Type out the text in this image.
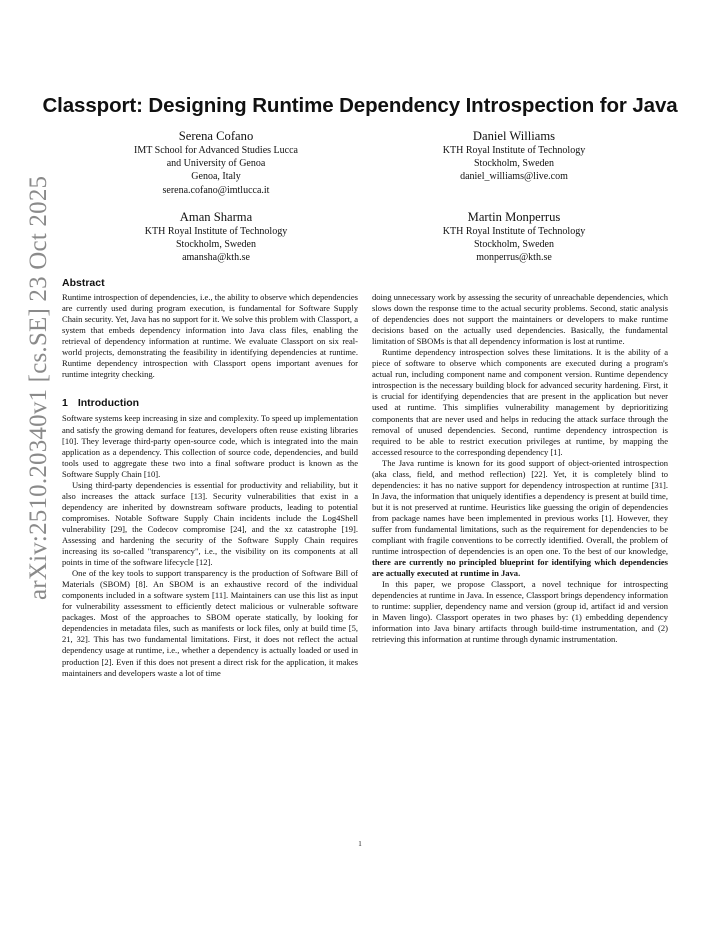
arXiv:2510.20340v1 [cs.SE] 23 Oct 2025
Classport: Designing Runtime Dependency Introspection for Java
Serena Cofano
IMT School for Advanced Studies Lucca
and University of Genoa
Genoa, Italy
serena.cofano@imtlucca.it
Daniel Williams
KTH Royal Institute of Technology
Stockholm, Sweden
daniel_williams@live.com
Aman Sharma
KTH Royal Institute of Technology
Stockholm, Sweden
amansha@kth.se
Martin Monperrus
KTH Royal Institute of Technology
Stockholm, Sweden
monperrus@kth.se
Abstract

Runtime introspection of dependencies, i.e., the ability to observe which dependencies are currently used during program execution, is fundamental for Software Supply Chain security. Yet, Java has no support for it. We solve this problem with Classport, a system that embeds dependency information into Java class files, enabling the retrieval of dependency information at runtime. We evaluate Classport on six real-world projects, demonstrating the feasibility in identifying dependencies at runtime. Runtime dependency introspection with Classport opens important avenues for runtime integrity checking.

1 Introduction

Software systems keep increasing in size and complexity. To speed up implementation and satisfy the growing demand for features, developers often reuse existing libraries [10]. They leverage third-party open-source code, which is integrated into the main application as a dependency. This collection of source code, dependencies, and build tools used to aggregate these two into a final software product is known as the Software Supply Chain [10].

Using third-party dependencies is essential for productivity and reliability, but it also increases the attack surface [13]. Security vulnerabilities that exist in a dependency are inherited by downstream software products, leading to potential compromises. Notable Software Supply Chain incidents include the Log4Shell vulnerability [29], the Codecov compromise [24], and the xz catastrophe [19]. Assessing and hardening the security of the Software Supply Chain requires increasing its so-called "transparency", i.e., the visibility on its components at all points in time of the software lifecycle [12].

One of the key tools to support transparency is the production of Software Bill of Materials (SBOM) [8]. An SBOM is an exhaustive record of the individual components included in a software system [11]. Maintainers can use this list as input for vulnerability assessment to efficiently detect malicious or vulnerable software packages. Most of the approaches to SBOM operate statically, by looking for dependencies in metadata files, such as manifests or lock files, only at build time [5, 21, 32]. This has two fundamental limitations. First, it does not reflect the actual dependency usage at runtime, i.e., whether a dependency is actually loaded or used in production [2]. Even if this does not present a direct risk for the application, it makes maintainers and developers waste a lot of time

doing unnecessary work by assessing the security of unreachable dependencies, which slows down the response time to the actual security problems. Second, static analysis of dependencies does not support the maintainers or developers to make runtime decisions based on the actually used dependencies. Basically, the fundamental limitation of SBOMs is that all dependency information is lost at runtime.

Runtime dependency introspection solves these limitations. It is the ability of a piece of software to observe which components are executed during a program's actual run, including component name and component version. Runtime dependency introspection is the necessary building block for advanced security hardening. First, it is crucial for identifying dependencies that are present in the application but never used at runtime. This simplifies vulnerability management by deprioritizing components that are never used and helps in reducing the attack surface through the removal of unused dependencies. Second, runtime dependency introspection is required to be able to restrict execution privileges at runtime, by mapping the accessed resource to the corresponding dependency [1].

The Java runtime is known for its good support of object-oriented introspection (aka class, field, and method reflection) [22]. Yet, it is completely blind to dependencies: it has no native support for dependency introspection at runtime [31]. In Java, the information that uniquely identifies a dependency is present at build time, but it is not preserved at runtime. Heuristics like guessing the origin of dependencies from package names have been implemented in previous works [1]. However, they suffer from fundamental limitations, such as the requirement for dependencies to be compliant with fragile conventions to be correctly identified. Overall, the problem of runtime introspection of dependencies is an open one. To the best of our knowledge, there are currently no principled blueprint for identifying which dependencies are actually executed at runtime in Java.

In this paper, we propose Classport, a novel technique for introspecting dependencies at runtime in Java. In essence, Classport brings dependency information to runtime: supplier, dependency name and version (group id, artifact id and version in Maven lingo). Classport operates in two phases by: (1) embedding dependency information into Java binary artifacts through build-time instrumentation, and (2) retrieving this information at runtime through dynamic instrumentation.

1
